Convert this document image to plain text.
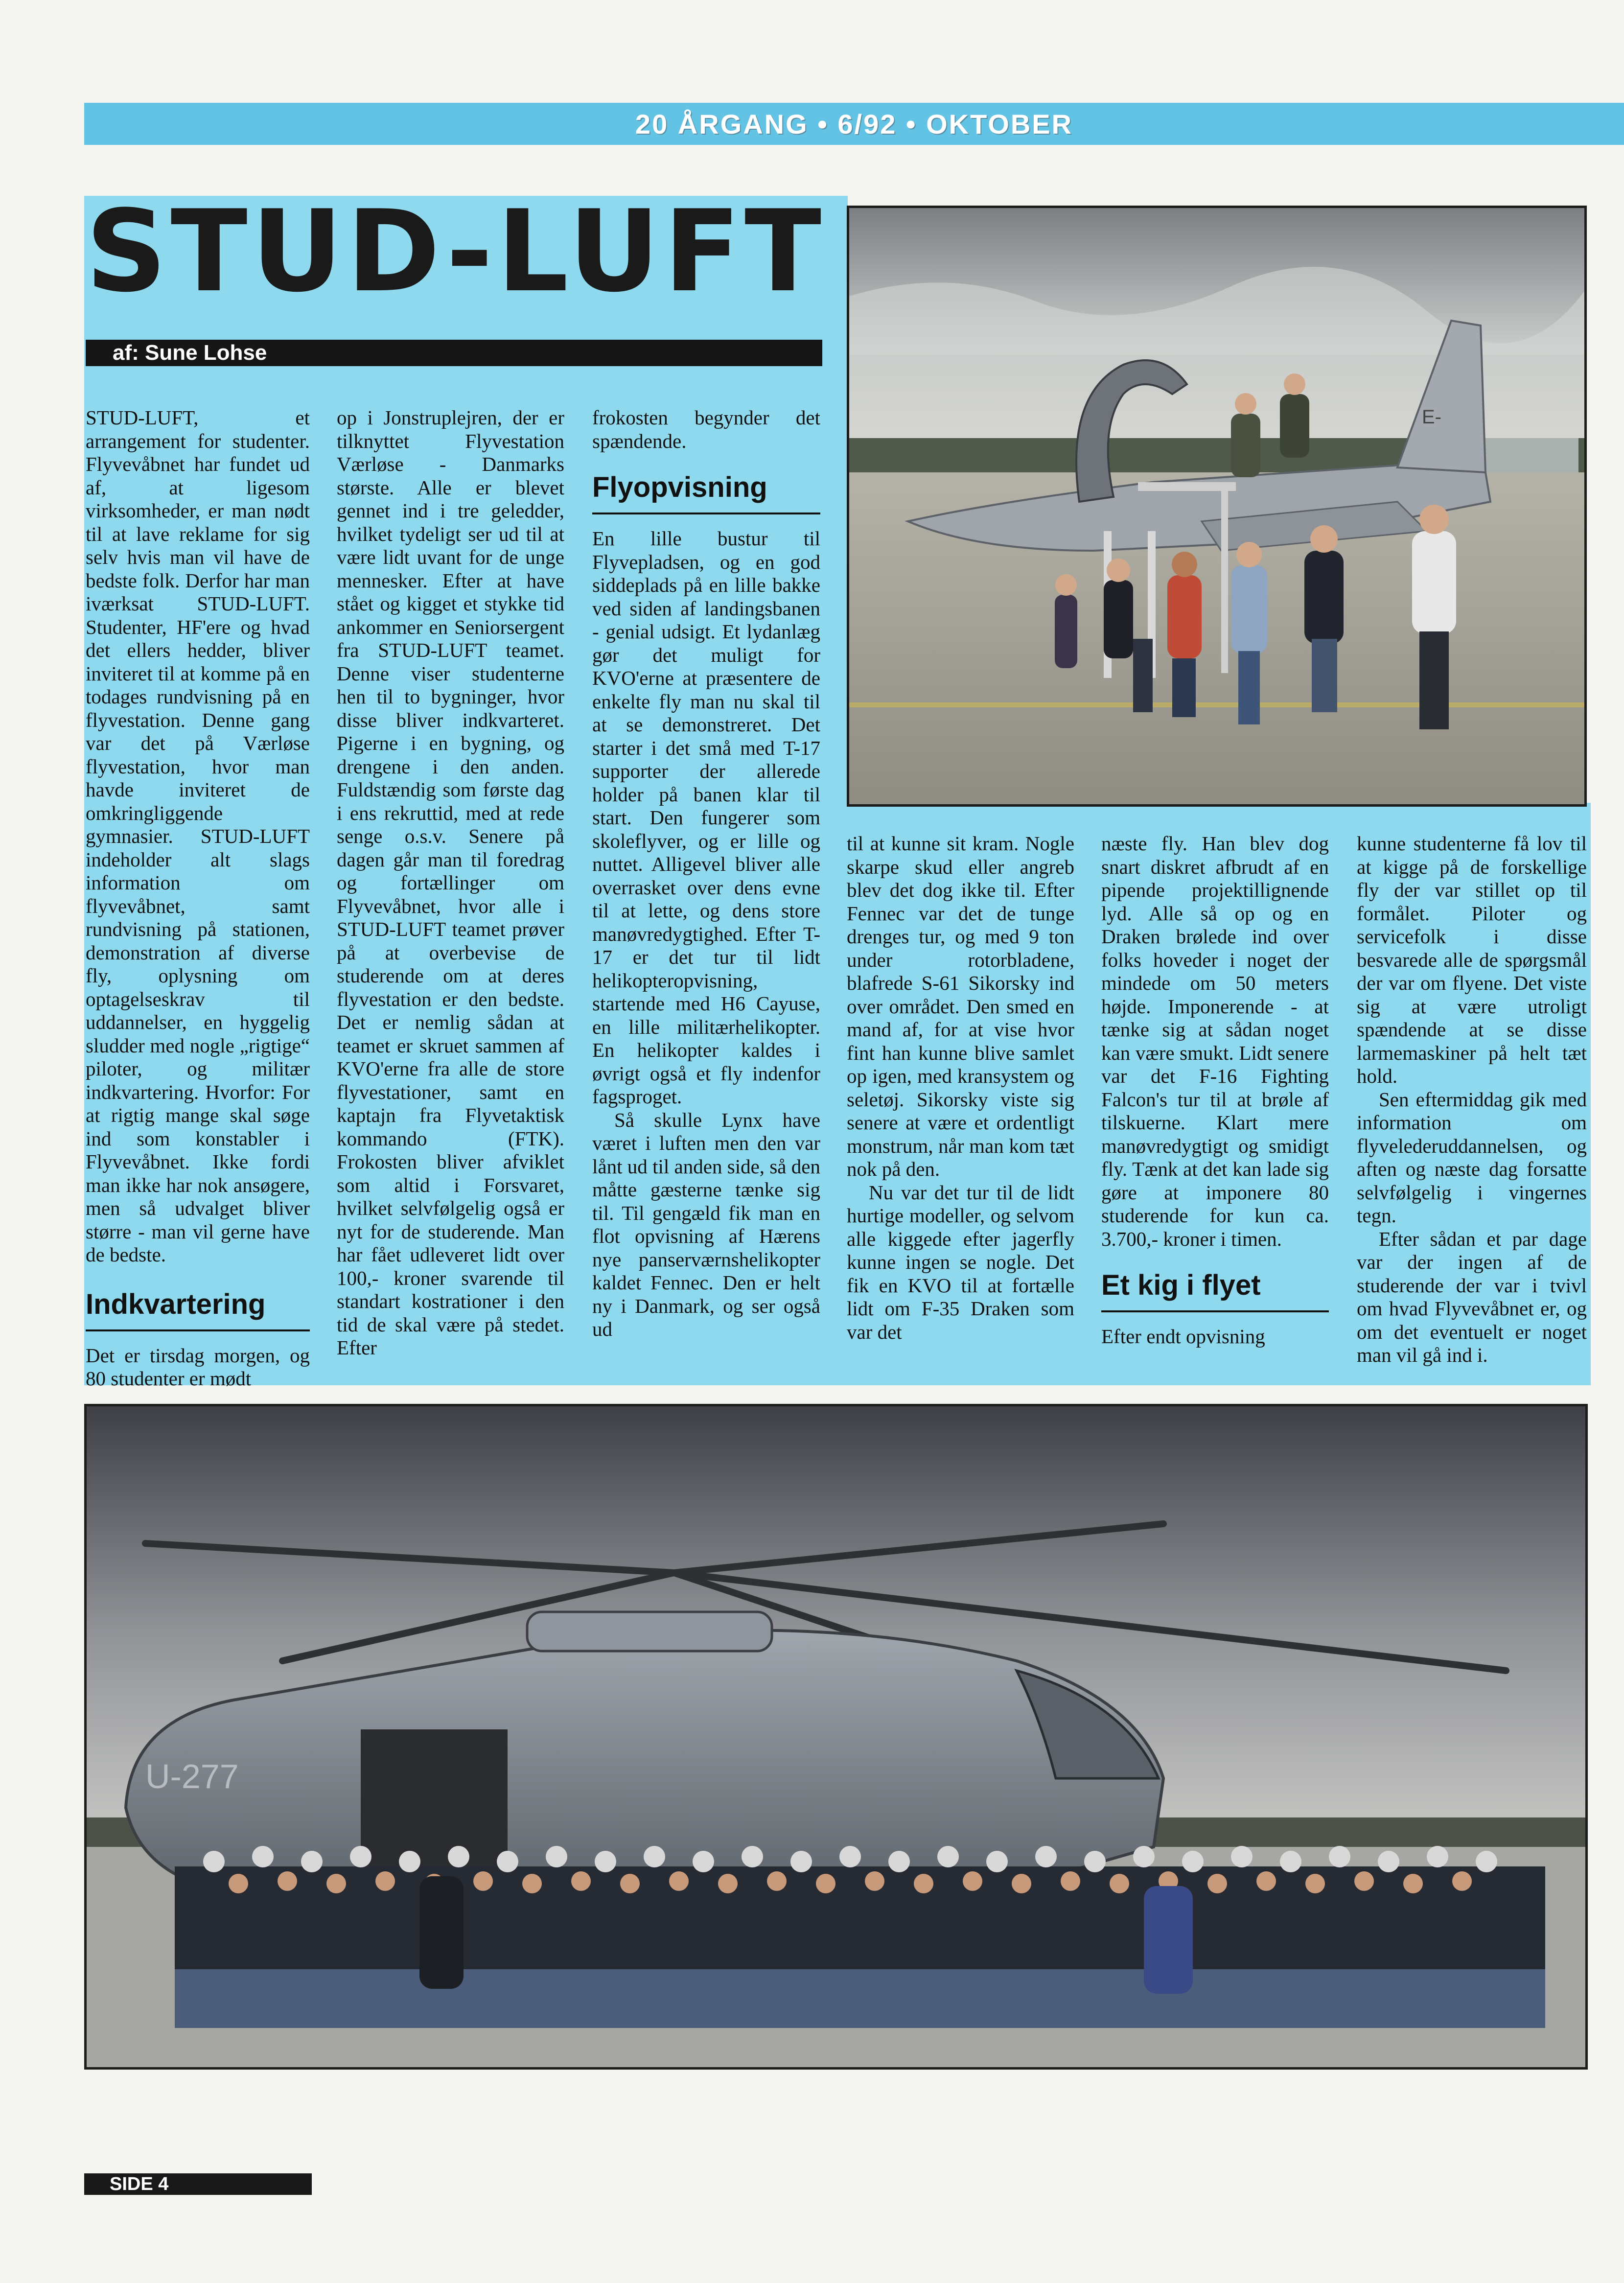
20 ÅRGANG • 6/92 • OKTOBER
STUD-LUFT
af: Sune Lohse

STUD-LUFT, et arrangement for studenter. Flyvevåbnet har fundet ud af, at ligesom virksomheder, er man nødt til at lave reklame for sig selv hvis man vil have de bedste folk. Derfor har man iværksat STUD-LUFT. Studenter, HF'ere og hvad det ellers hedder, bliver inviteret til at komme på en todages rundvisning på en flyvestation. Denne gang var det på Værløse flyvestation, hvor man havde inviteret de omkringliggende gymnasier. STUD-LUFT indeholder alt slags information om flyvevåbnet, samt rundvisning på stationen, demonstration af diverse fly, oplysning om optagelseskrav til uddannelser, en hyggelig sludder med nogle „rigtige“ piloter, og militær indkvartering. Hvorfor: For at rigtig mange skal søge ind som konstabler i Flyvevåbnet. Ikke fordi man ikke har nok ansøgere, men så udvalget bliver større - man vil gerne have de bedste.

Indkvartering

Det er tirsdag morgen, og 80 studenter er mødt

op i Jonstruplejren, der er tilknyttet Flyvestation Værløse - Danmarks største. Alle er blevet gennet ind i tre geledder, hvilket tydeligt ser ud til at være lidt uvant for de unge mennesker. Efter at have stået og kigget et stykke tid ankommer en Seniorsergent fra STUD-LUFT teamet. Denne viser studenterne hen til to bygninger, hvor disse bliver indkvarteret. Pigerne i en bygning, og drengene i den anden. Fuldstændig som første dag i ens rekruttid, med at rede senge o.s.v. Senere på dagen går man til foredrag og fortællinger om Flyvevåbnet, hvor alle i STUD-LUFT teamet prøver på at overbevise de studerende om at deres flyvestation er den bedste. Det er nemlig sådan at teamet er skruet sammen af KVO'erne fra alle de store flyvestationer, samt en kaptajn fra Flyvetaktisk kommando (FTK). Frokosten bliver afviklet som altid i Forsvaret, hvilket selvfølgelig også er nyt for de studerende. Man har fået udleveret lidt over 100,- kroner svarende til standart kostrationer i den tid de skal være på stedet. Efter

frokosten begynder det spændende.

Flyopvisning

En lille bustur til Flyvepladsen, og en god siddeplads på en lille bakke ved siden af landingsbanen - genial udsigt. Et lydanlæg gør det muligt for KVO'erne at præsentere de enkelte fly man nu skal til at se demonstreret. Det starter i det små med T-17 supporter der allerede holder på banen klar til start. Den fungerer som skoleflyver, og er lille og nuttet. Alligevel bliver alle overrasket over dens evne til at lette, og dens store manøvredygtighed. Efter T-17 er det tur til lidt helikopteropvisning, startende med H6 Cayuse, en lille militærhelikopter. En helikopter kaldes i øvrigt også et fly indenfor fagsproget.

Så skulle Lynx have været i luften men den var lånt ud til anden side, så den måtte gæsterne tænke sig til. Til gengæld fik man en flot opvisning af Hærens nye panserværnshelikopter kaldet Fennec. Den er helt ny i Danmark, og ser også ud

til at kunne sit kram. Nogle skarpe skud eller angreb blev det dog ikke til. Efter Fennec var det de tunge drenges tur, og med 9 ton under rotorbladene, blafrede S-61 Sikorsky ind over området. Den smed en mand af, for at vise hvor fint han kunne blive samlet op igen, med kransystem og seletøj. Sikorsky viste sig senere at være et ordentligt monstrum, når man kom tæt nok på den.

Nu var det tur til de lidt hurtige modeller, og selvom alle kiggede efter jagerfly kunne ingen se nogle. Det fik en KVO til at fortælle lidt om F-35 Draken som var det

næste fly. Han blev dog snart diskret afbrudt af en pipende projektillignende lyd. Alle så op og en Draken brølede ind over folks hoveder i noget der mindede om 50 meters højde. Imponerende - at tænke sig at sådan noget kan være smukt. Lidt senere var det F-16 Fighting Falcon's tur til at brøle af tilskuerne. Klart mere manøvredygtigt og smidigt fly. Tænk at det kan lade sig gøre at imponere 80 studerende for kun ca. 3.700,- kroner i timen.

Et kig i flyet

Efter endt opvisning

kunne studenterne få lov til at kigge på de forskellige fly der var stillet op til formålet. Piloter og servicefolk i disse besvarede alle de spørgsmål der var om flyene. Det viste sig at være utroligt spændende at se disse larmemaskiner på helt tæt hold.

Sen eftermiddag gik med information om flyvelederuddannelsen, og aften og næste dag forsatte selvfølgelig i vingernes tegn.

Efter sådan et par dage var der ingen af de studerende der var i tvivl om hvad Flyvevåbnet er, og om det eventuelt er noget man vil gå ind i.

E-
U-277
SIDE 4
